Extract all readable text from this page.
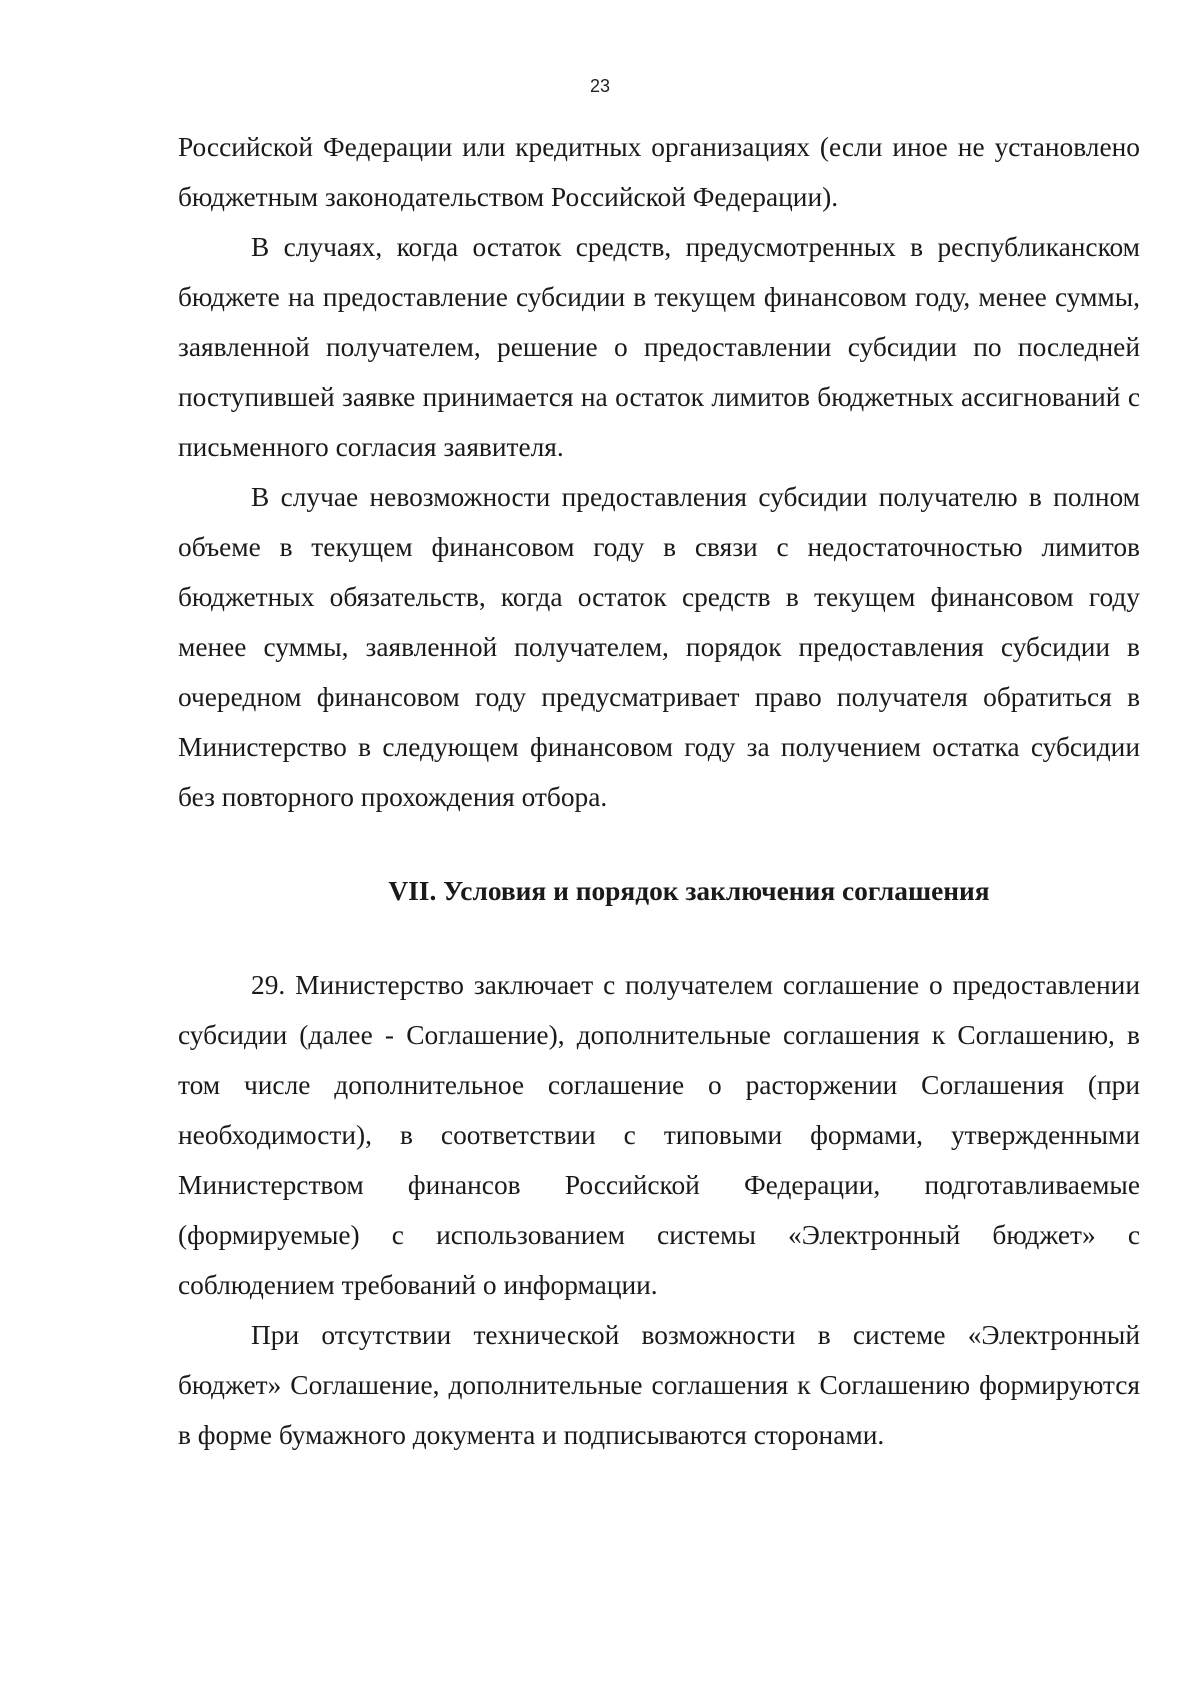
23

Российской Федерации или кредитных организациях (если иное не установлено бюджетным законодательством Российской Федерации).

В случаях, когда остаток средств, предусмотренных в республиканском бюджете на предоставление субсидии в текущем финансовом году, менее суммы, заявленной получателем, решение о предоставлении субсидии по последней поступившей заявке принимается на остаток лимитов бюджетных ассигнований с письменного согласия заявителя.

В случае невозможности предоставления субсидии получателю в полном объеме в текущем финансовом году в связи с недостаточностью лимитов бюджетных обязательств, когда остаток средств в текущем финансовом году менее суммы, заявленной получателем, порядок предоставления субсидии в очередном финансовом году предусматривает право получателя обратиться в Министерство в следующем финансовом году за получением остатка субсидии без повторного прохождения отбора.

VII. Условия и порядок заключения соглашения

29. Министерство заключает с получателем соглашение о предоставлении субсидии (далее - Соглашение), дополнительные соглашения к Соглашению, в том числе дополнительное соглашение о расторжении Соглашения (при необходимости), в соответствии с типовыми формами, утвержденными Министерством финансов Российской Федерации, подготавливаемые (формируемые) с использованием системы «Электронный бюджет» с соблюдением требований о информации.

При отсутствии технической возможности в системе «Электронный бюджет» Соглашение, дополнительные соглашения к Соглашению формируются в форме бумажного документа и подписываются сторонами.
